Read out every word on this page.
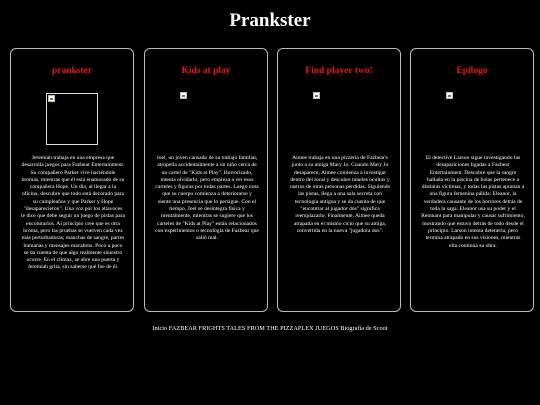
Prankster
prankster

Jeremiah trabaja en una empresa que desarrolla juegos para Fazbear Entertainment. Su compañero Parker vive haciéndole bromas, mientras que él está enamorado de su compañera Hope. Un día, al llegar a la oficina, descubre que todo está decorado para su cumpleaños y que Parker y Hope "desaparecieron". Una voz por los altavoces le dice que debe seguir un juego de pistas para encontrarlos. Al principio cree que es otra broma, pero las pruebas se vuelven cada vez más perturbadoras; manchas de sangre, partes humanas y mensajes macabros. Poco a poco se da cuenta de que algo realmente siniestro ocurre. En el clímax, se abre una puerta y Jeremiah grita, sin saberse qué fue de él.

Kids at play

Joel, un joven cansado de su trabajo familiar, atropella accidentalmente a un niño cerca de un cartel de "Kids at Play". Horrorizado, intenta olvidarlo, pero empieza a ver esos carteles y figuras por todas partes. Luego nota que su cuerpo comienza a deteriorarse y siente una presencia que lo persigue. Con el tiempo, Joel se desintegra física y mentalmente, mientras se sugiere que los carteles de "Kids at Play" están relacionados con experimentos o tecnología de Fazbear que salió mal.

Find player two!

Aimee trabaja en una pizzería de Fazbear's junto a su amiga Mary Jo. Cuando Mary Jo desaparece, Aimee comienza a investigar dentro del local y descubre túneles ocultos y rastros de otras personas perdidas. Siguiendo las pistas, llega a una sala secreta con tecnología antigua y se da cuenta de que "encontrar al jugador dos" significa reemplazarlo. Finalmente, Aimee queda atrapada en el mismo ciclo que su amiga, convertida en la nueva "jugadora dos".

Epilogo

El detective Larson sigue investigando las desapariciones ligadas a Fazbear Entertainment. Descubre que la sangre hallada en la piscina de bolas pertenece a distintas víctimas, y todas las pistas apuntan a una figura femenina pálida: Eleanor, la verdadera causante de los horrores detrás de toda la saga. Eleanor usa su poder y el Remnant para manipular y causar sufrimiento, mostrando que estuvo detrás de todo desde el principio. Larson intenta detenerla, pero termina atrapado en sus visiones, mientras ella continúa su obra.

Inicio FAZBEAR FRIGHTS TALES FROM THE PIZZAPLEX JUEGOS Biografía de Scoot
